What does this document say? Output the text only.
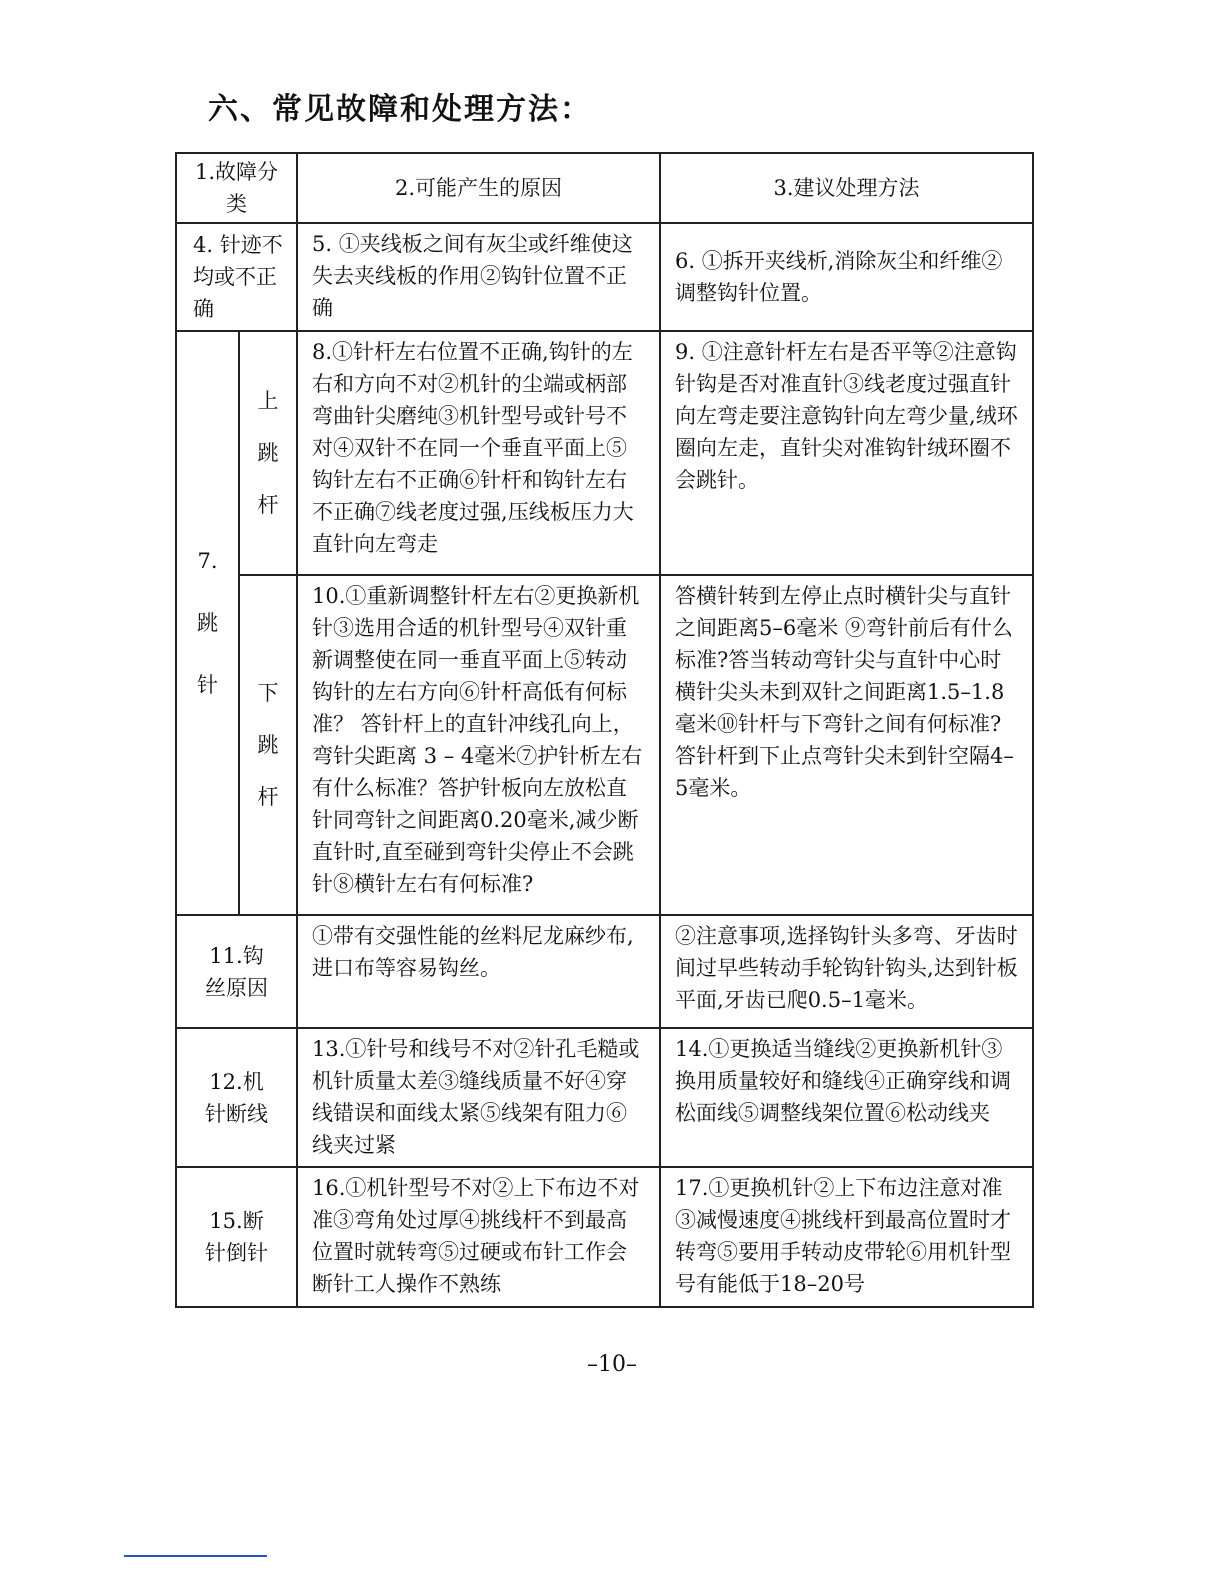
六、常见故障和处理方法：
1.故障分类		2.可能产生的原因	3.建议处理方法
4. 针迹不均或不正确		5. ①夹线板之间有灰尘或纤维使这失去夹线板的作用②钩针位置不正确	6. ①拆开夹线析,消除灰尘和纤维②调整钩针位置。
7.跳针	上跳杆	8.①针杆左右位置不正确,钩针的左右和方向不对②机针的尘端或柄部弯曲针尖磨纯③机针型号或针号不对④双针不在同一个垂直平面上⑤钩针左右不正确⑥针杆和钩针左右不正确⑦线老度过强,压线板压力大直针向左弯走	9. ①注意针杆左右是否平等②注意钩针钩是否对准直针③线老度过强直针向左弯走要注意钩针向左弯少量,绒环圈向左走，直针尖对准钩针绒环圈不会跳针。
	下跳杆	10.①重新调整针杆左右②更换新机针③选用合适的机针型号④双针重新调整使在同一垂直平面上⑤转动钩针的左右方向⑥针杆高低有何标准？ 答针杆上的直针冲线孔向上，弯针尖距离 3 – 4毫米⑦护针析左右有什么标准？答护针板向左放松直针同弯针之间距离0.20毫米,减少断直针时,直至碰到弯针尖停止不会跳针⑧横针左右有何标准?	答横针转到左停止点时横针尖与直针之间距离5–6毫米 ⑨弯针前后有什么标准?答当转动弯针尖与直针中心时横针尖头未到双针之间距离1.5–1.8毫米⑩针杆与下弯针之间有何标准? 答针杆到下止点弯针尖未到针空隔4–5毫米。
11.钩丝原因		①带有交强性能的丝料尼龙麻纱布,进口布等容易钩丝。	②注意事项,选择钩针头多弯、牙齿时间过早些转动手轮钩针钩头,达到针板平面,牙齿已爬0.5–1毫米。
12.机针断线		13.①针号和线号不对②针孔毛糙或机针质量太差③缝线质量不好④穿线错误和面线太紧⑤线架有阻力⑥线夹过紧	14.①更换适当缝线②更换新机针③换用质量较好和缝线④正确穿线和调松面线⑤调整线架位置⑥松动线夹
15.断针倒针		16.①机针型号不对②上下布边不对准③弯角处过厚④挑线杆不到最高位置时就转弯⑤过硬或布针工作会断针工人操作不熟练	17.①更换机针②上下布边注意对准③减慢速度④挑线杆到最高位置时才转弯⑤要用手转动皮带轮⑥用机针型号有能低于18–20号
–10–
